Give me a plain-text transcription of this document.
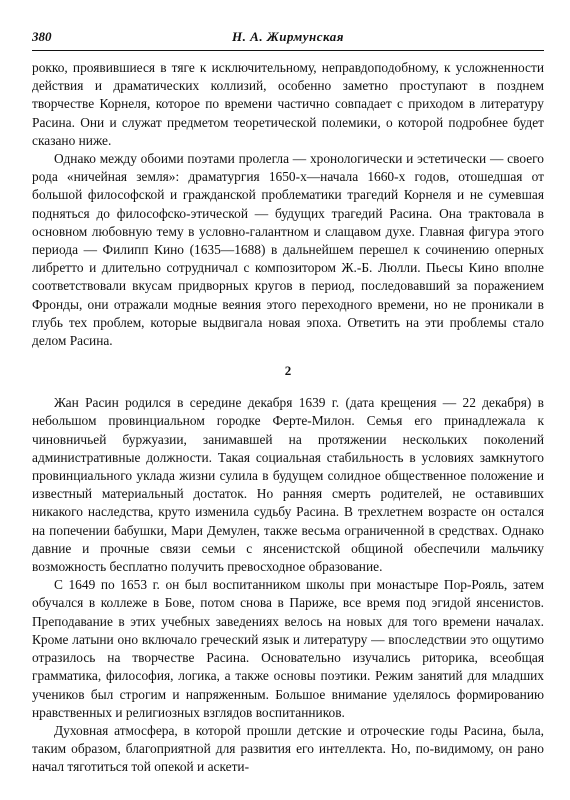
380	Н. А. Жирмунская

рокко, проявившиеся в тяге к исключительному, неправдоподобному, к усложненности действия и драматических коллизий, особенно заметно проступают в позднем творчестве Корнеля, которое по времени частично совпадает с приходом в литературу Расина. Они и служат предметом теоретической полемики, о которой подробнее будет сказано ниже.

Однако между обоими поэтами пролегла — хронологически и эстетически — своего рода «ничейная земля»: драматургия 1650-х—начала 1660-х годов, отошедшая от большой философской и гражданской проблематики трагедий Корнеля и не сумевшая подняться до философско-этической — будущих трагедий Расина. Она трактовала в основном любовную тему в условно-галантном и слащавом духе. Главная фигура этого периода — Филипп Кино (1635—1688) в дальнейшем перешел к сочинению оперных либретто и длительно сотрудничал с композитором Ж.-Б. Люлли. Пьесы Кино вполне соответствовали вкусам придворных кругов в период, последовавший за поражением Фронды, они отражали модные веяния этого переходного времени, но не проникали в глубь тех проблем, которые выдвигала новая эпоха. Ответить на эти проблемы стало делом Расина.

2

Жан Расин родился в середине декабря 1639 г. (дата крещения — 22 декабря) в небольшом провинциальном городке Ферте-Милон. Семья его принадлежала к чиновничьей буржуазии, занимавшей на протяжении нескольких поколений административные должности. Такая социальная стабильность в условиях замкнутого провинциального уклада жизни сулила в будущем солидное общественное положение и известный материальный достаток. Но ранняя смерть родителей, не оставивших никакого наследства, круто изменила судьбу Расина. В трехлетнем возрасте он остался на попечении бабушки, Мари Демулен, также весьма ограниченной в средствах. Однако давние и прочные связи семьи с янсенистской общиной обеспечили мальчику возможность бесплатно получить превосходное образование.

С 1649 по 1653 г. он был воспитанником школы при монастыре Пор-Рояль, затем обучался в коллеже в Бове, потом снова в Париже, все время под эгидой янсенистов. Преподавание в этих учебных заведениях велось на новых для того времени началах. Кроме латыни оно включало греческий язык и литературу — впоследствии это ощутимо отразилось на творчестве Расина. Основательно изучались риторика, всеобщая грамматика, философия, логика, а также основы поэтики. Режим занятий для младших учеников был строгим и напряженным. Большое внимание уделялось формированию нравственных и религиозных взглядов воспитанников.

Духовная атмосфера, в которой прошли детские и отроческие годы Расина, была, таким образом, благоприятной для развития его интеллекта. Но, по-видимому, он рано начал тяготиться той опекой и аскети-
